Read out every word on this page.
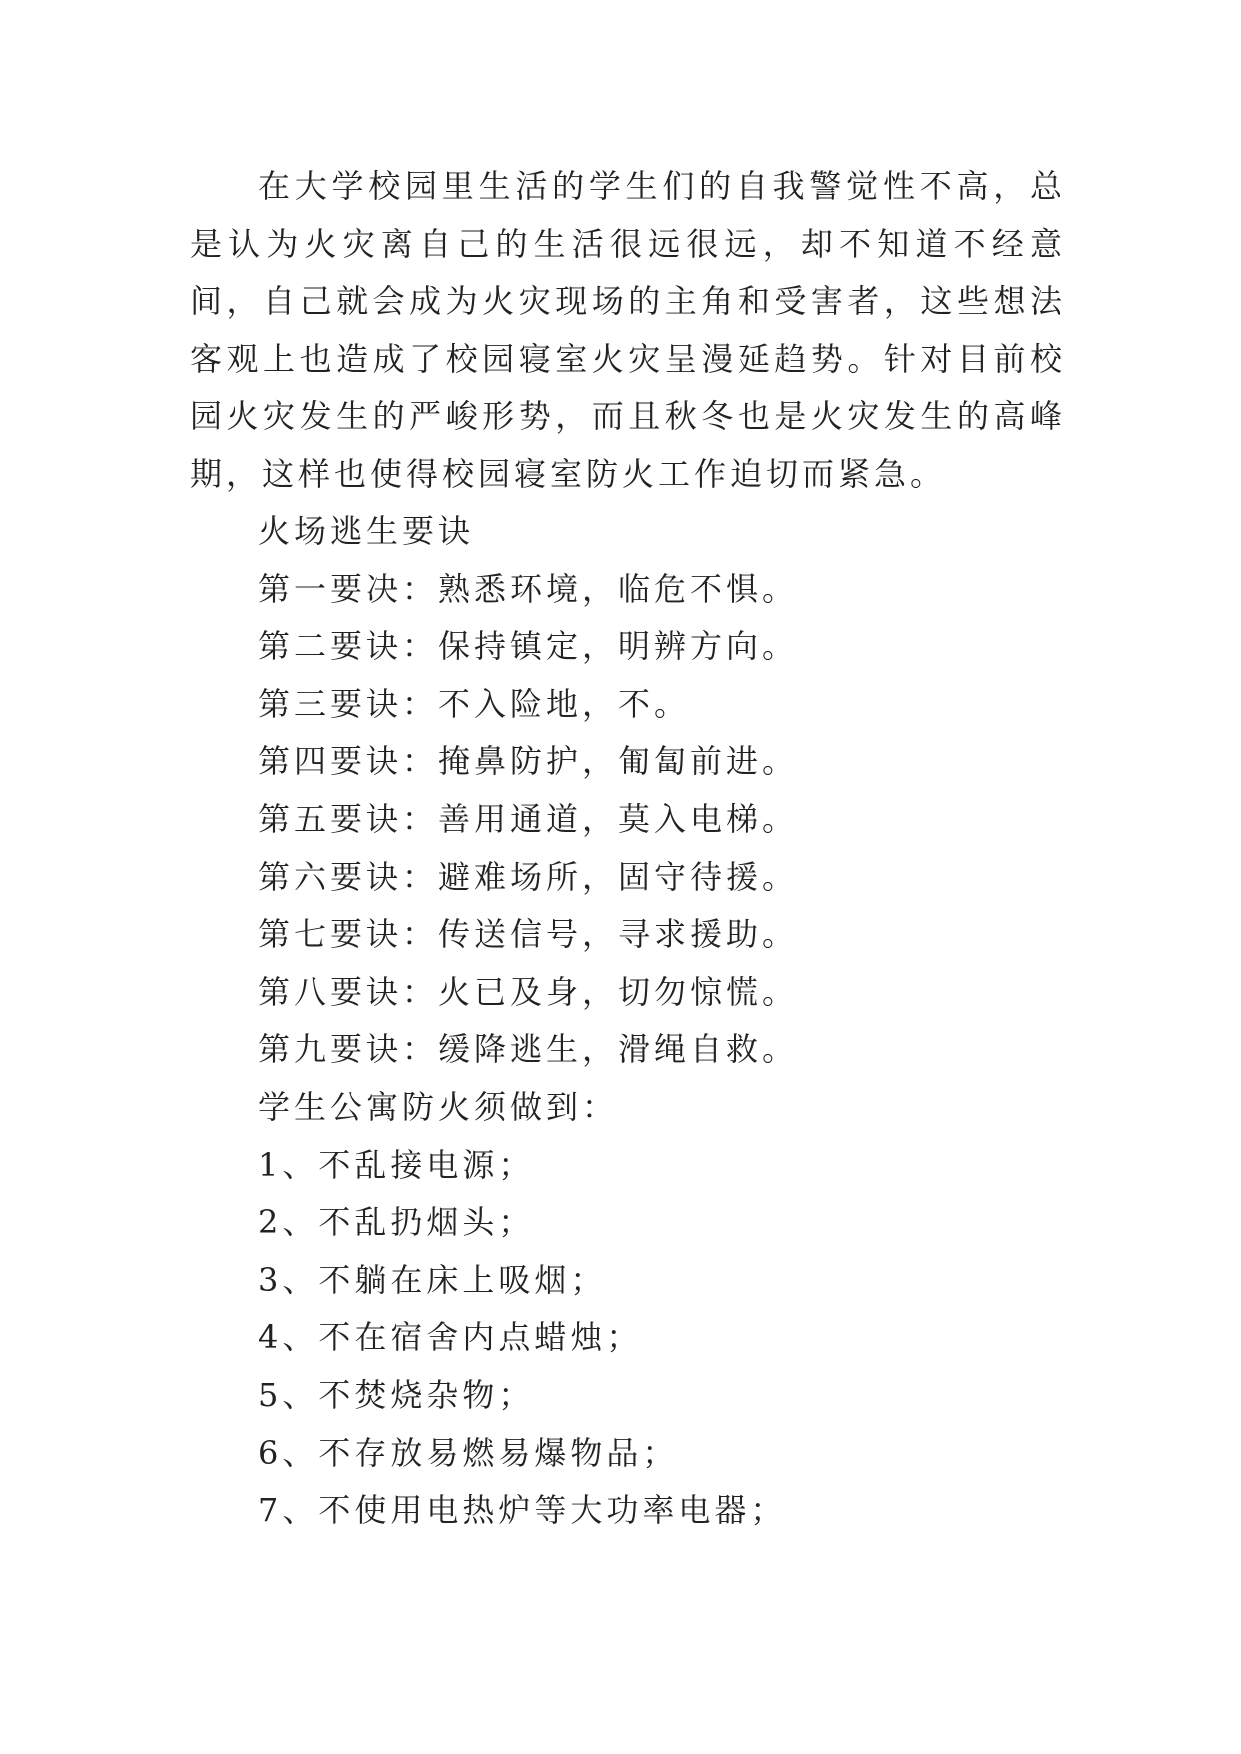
在大学校园里生活的学生们的自我警觉性不高，总是认为火灾离自己的生活很远很远，却不知道不经意间，自己就会成为火灾现场的主角和受害者，这些想法客观上也造成了校园寝室火灾呈漫延趋势。针对目前校园火灾发生的严峻形势，而且秋冬也是火灾发生的高峰期，这样也使得校园寝室防火工作迫切而紧急。

火场逃生要诀

第一要决：熟悉环境，临危不惧。

第二要诀：保持镇定，明辨方向。

第三要诀：不入险地，不。

第四要诀：掩鼻防护，匍匐前进。

第五要诀：善用通道，莫入电梯。

第六要诀：避难场所，固守待援。

第七要诀：传送信号，寻求援助。

第八要诀：火已及身，切勿惊慌。

第九要诀：缓降逃生，滑绳自救。

学生公寓防火须做到：

1、不乱接电源；

2、不乱扔烟头；

3、不躺在床上吸烟；

4、不在宿舍内点蜡烛；

5、不焚烧杂物；

6、不存放易燃易爆物品；

7、不使用电热炉等大功率电器；
